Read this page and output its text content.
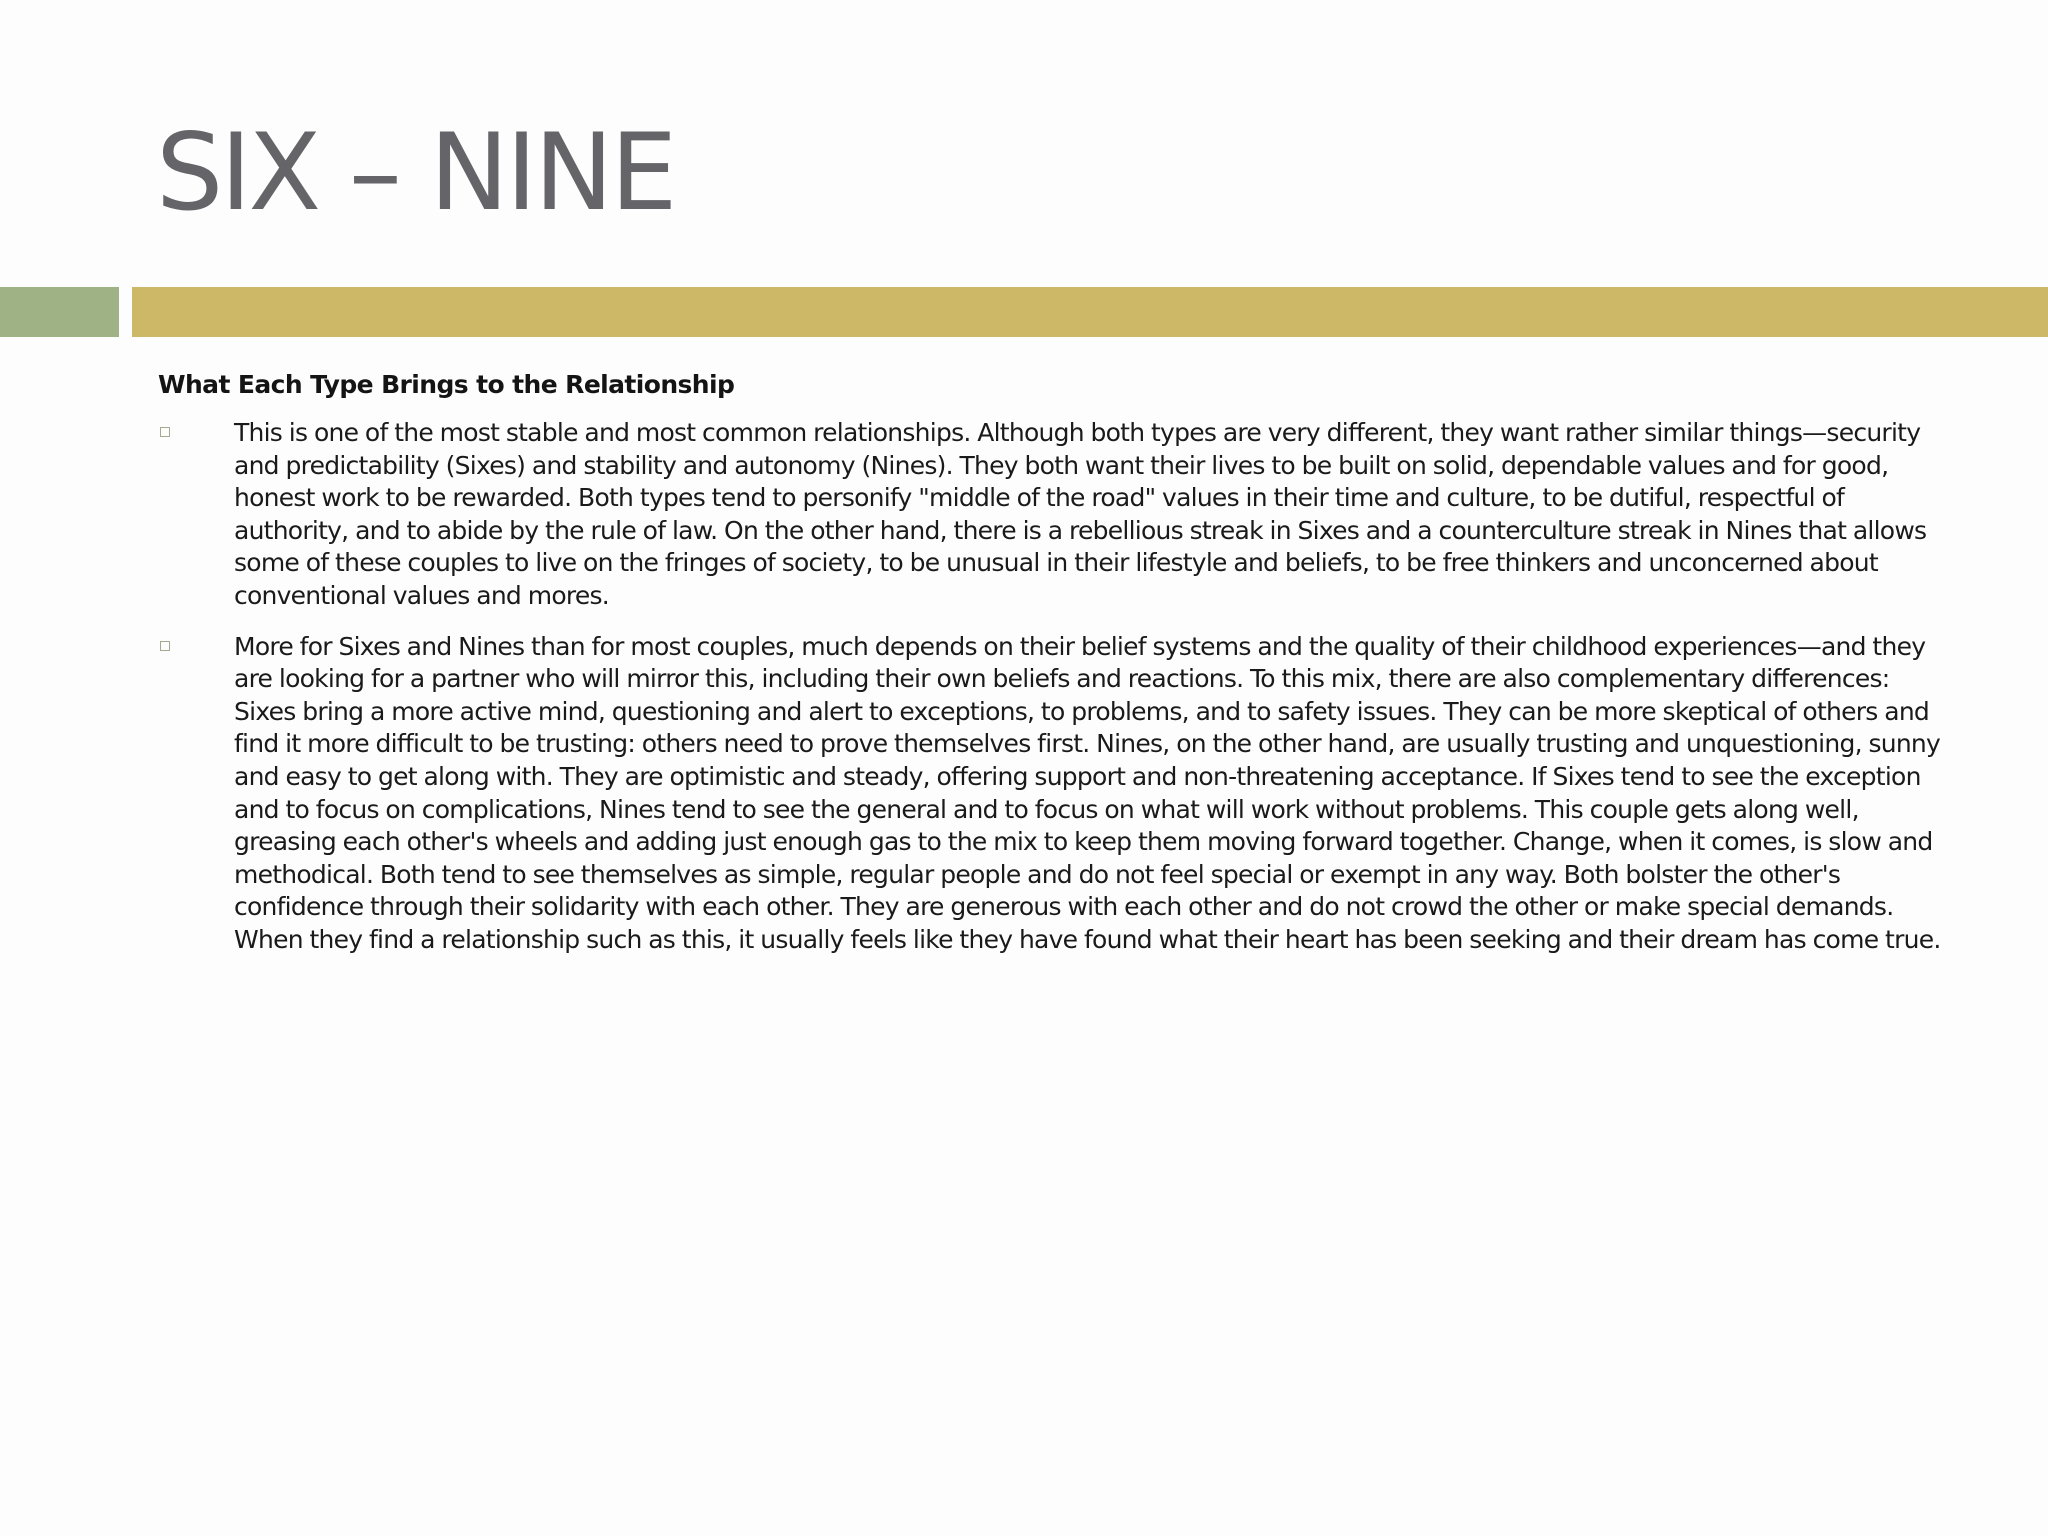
SIX – NINE

What Each Type Brings to the Relationship

This is one of the most stable and most common relationships. Although both types are very different, they want rather similar things—security and predictability (Sixes) and stability and autonomy (Nines). They both want their lives to be built on solid, dependable values and for good, honest work to be rewarded. Both types tend to personify "middle of the road" values in their time and culture, to be dutiful, respectful of authority, and to abide by the rule of law. On the other hand, there is a rebellious streak in Sixes and a counterculture streak in Nines that allows some of these couples to live on the fringes of society, to be unusual in their lifestyle and beliefs, to be free thinkers and unconcerned about conventional values and mores.
More for Sixes and Nines than for most couples, much depends on their belief systems and the quality of their childhood experiences—and they are looking for a partner who will mirror this, including their own beliefs and reactions. To this mix, there are also complementary differences: Sixes bring a more active mind, questioning and alert to exceptions, to problems, and to safety issues. They can be more skeptical of others and find it more difficult to be trusting: others need to prove themselves first. Nines, on the other hand, are usually trusting and unquestioning, sunny and easy to get along with. They are optimistic and steady, offering support and non-threatening acceptance. If Sixes tend to see the exception and to focus on complications, Nines tend to see the general and to focus on what will work without problems. This couple gets along well, greasing each other's wheels and adding just enough gas to the mix to keep them moving forward together. Change, when it comes, is slow and methodical. Both tend to see themselves as simple, regular people and do not feel special or exempt in any way. Both bolster the other's confidence through their solidarity with each other. They are generous with each other and do not crowd the other or make special demands. When they find a relationship such as this, it usually feels like they have found what their heart has been seeking and their dream has come true.
